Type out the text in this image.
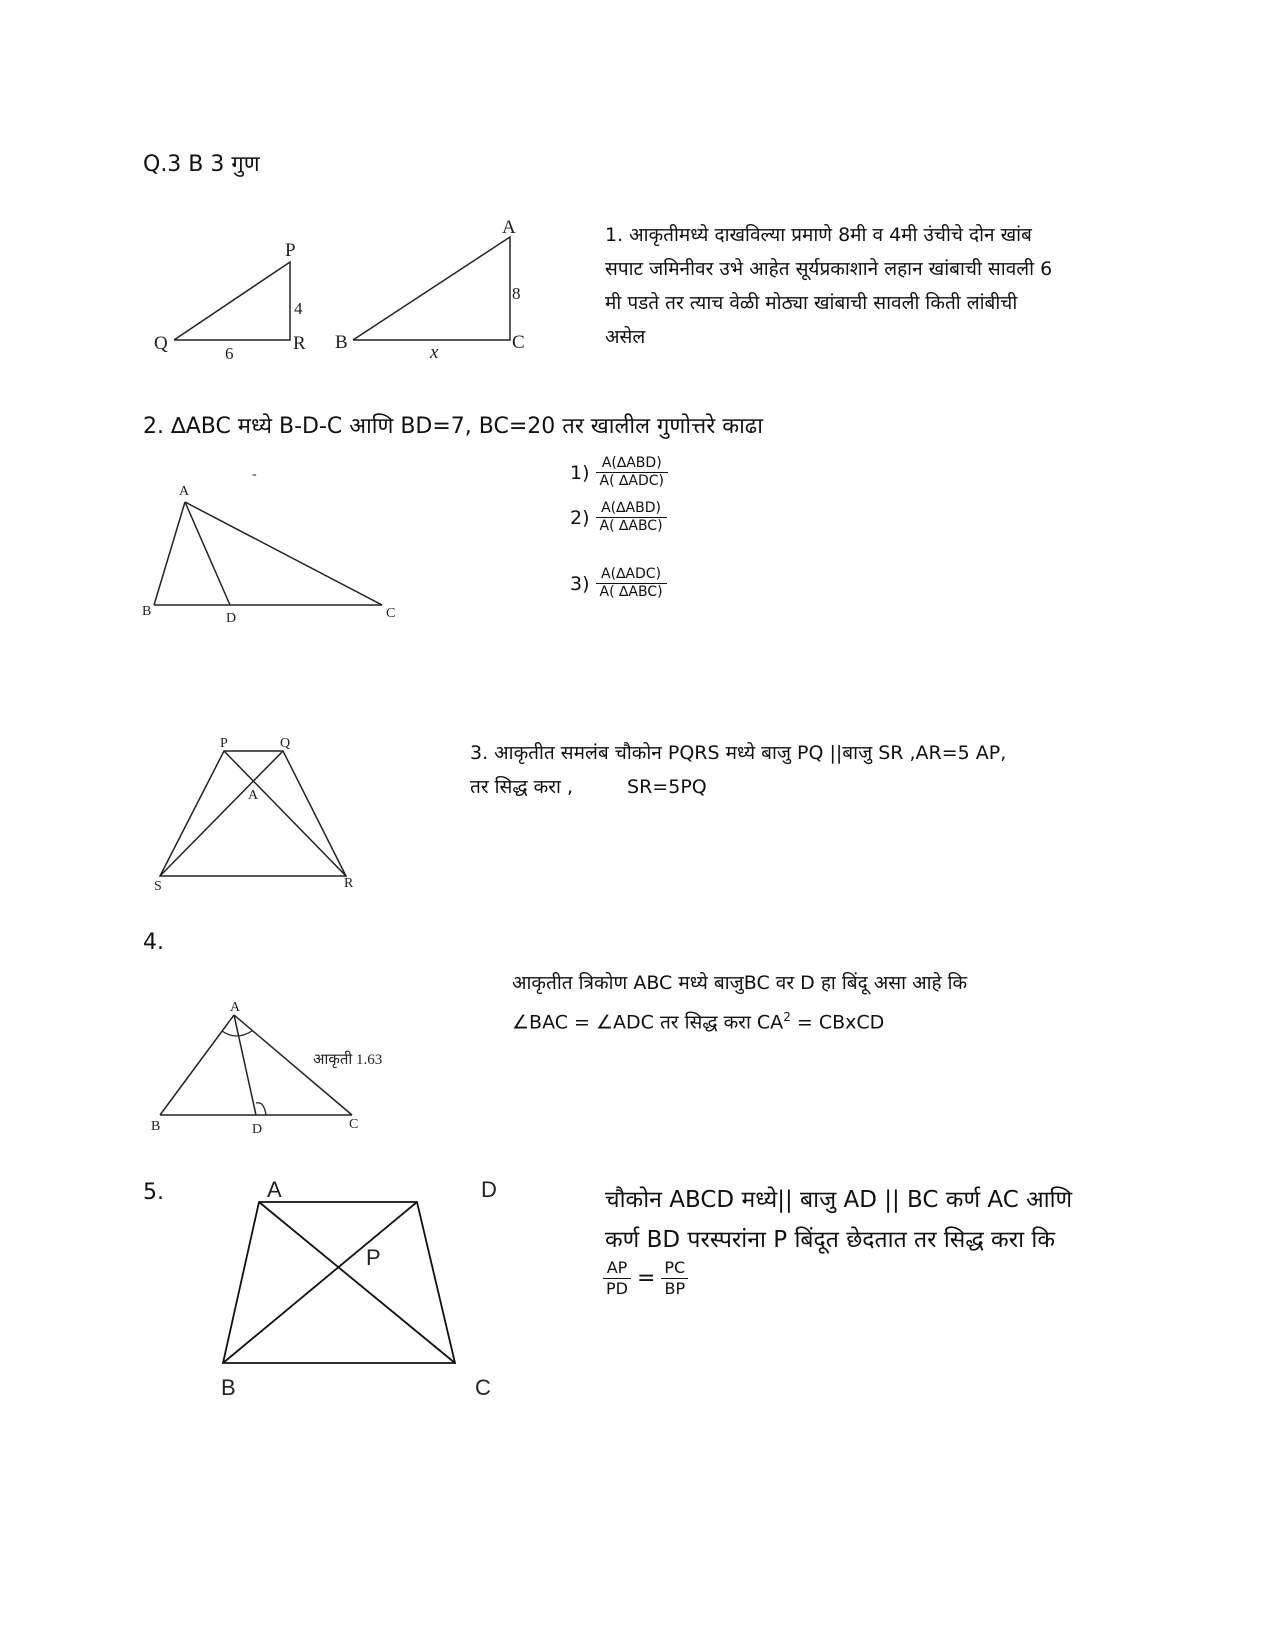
Q.3 B 3 गुण
P
Q	R
4
6
A
B	C
8
x
1. आकृतीमध्ये दाखविल्या प्रमाणे 8मी व 4मी उंचीचे दोन खांब
सपाट जमिनीवर उभे आहेत सूर्यप्रकाशाने लहान खांबाची सावली 6
मी पडते तर त्याच वेळी मोठ्या खांबाची सावली किती लांबीची
असेल
2. ∆ABC मध्ये B-D-C आणि BD=7, BC=20 तर खालील गुणोत्तरे काढा
A
B	D	C
-	$1) \frac{\text{A(∆ABD)}}{\text{A( ∆ADC)}}$
$2) \frac{\text{A(∆ABD)}}{\text{A( ∆ABC)}}$
$3) \frac{\text{A(∆ADC)}}{\text{A( ∆ABC)}}$
P	Q
A
S	R
3. आकृतीत समलंब चौकोन PQRS मध्ये बाजु PQ ||बाजु SR ,AR=5 AP,
तर सिद्ध करा ,	SR=5PQ
4.
A
B	D	C
आकृती 1.63
आकृतीत त्रिकोण ABC मध्ये बाजुBC वर D हा बिंदू असा आहे कि
∠BAC = ∠ADC तर सिद्ध करा $CA^2$ = CBxCD
5.	A	D
P
B	C
चौकोन ABCD मध्ये|| बाजु AD || BC कर्ण AC आणि
कर्ण BD परस्परांना P बिंदूत छेदतात तर सिद्ध करा कि
$\frac{AP}{PD} = \frac{PC}{BP}$
